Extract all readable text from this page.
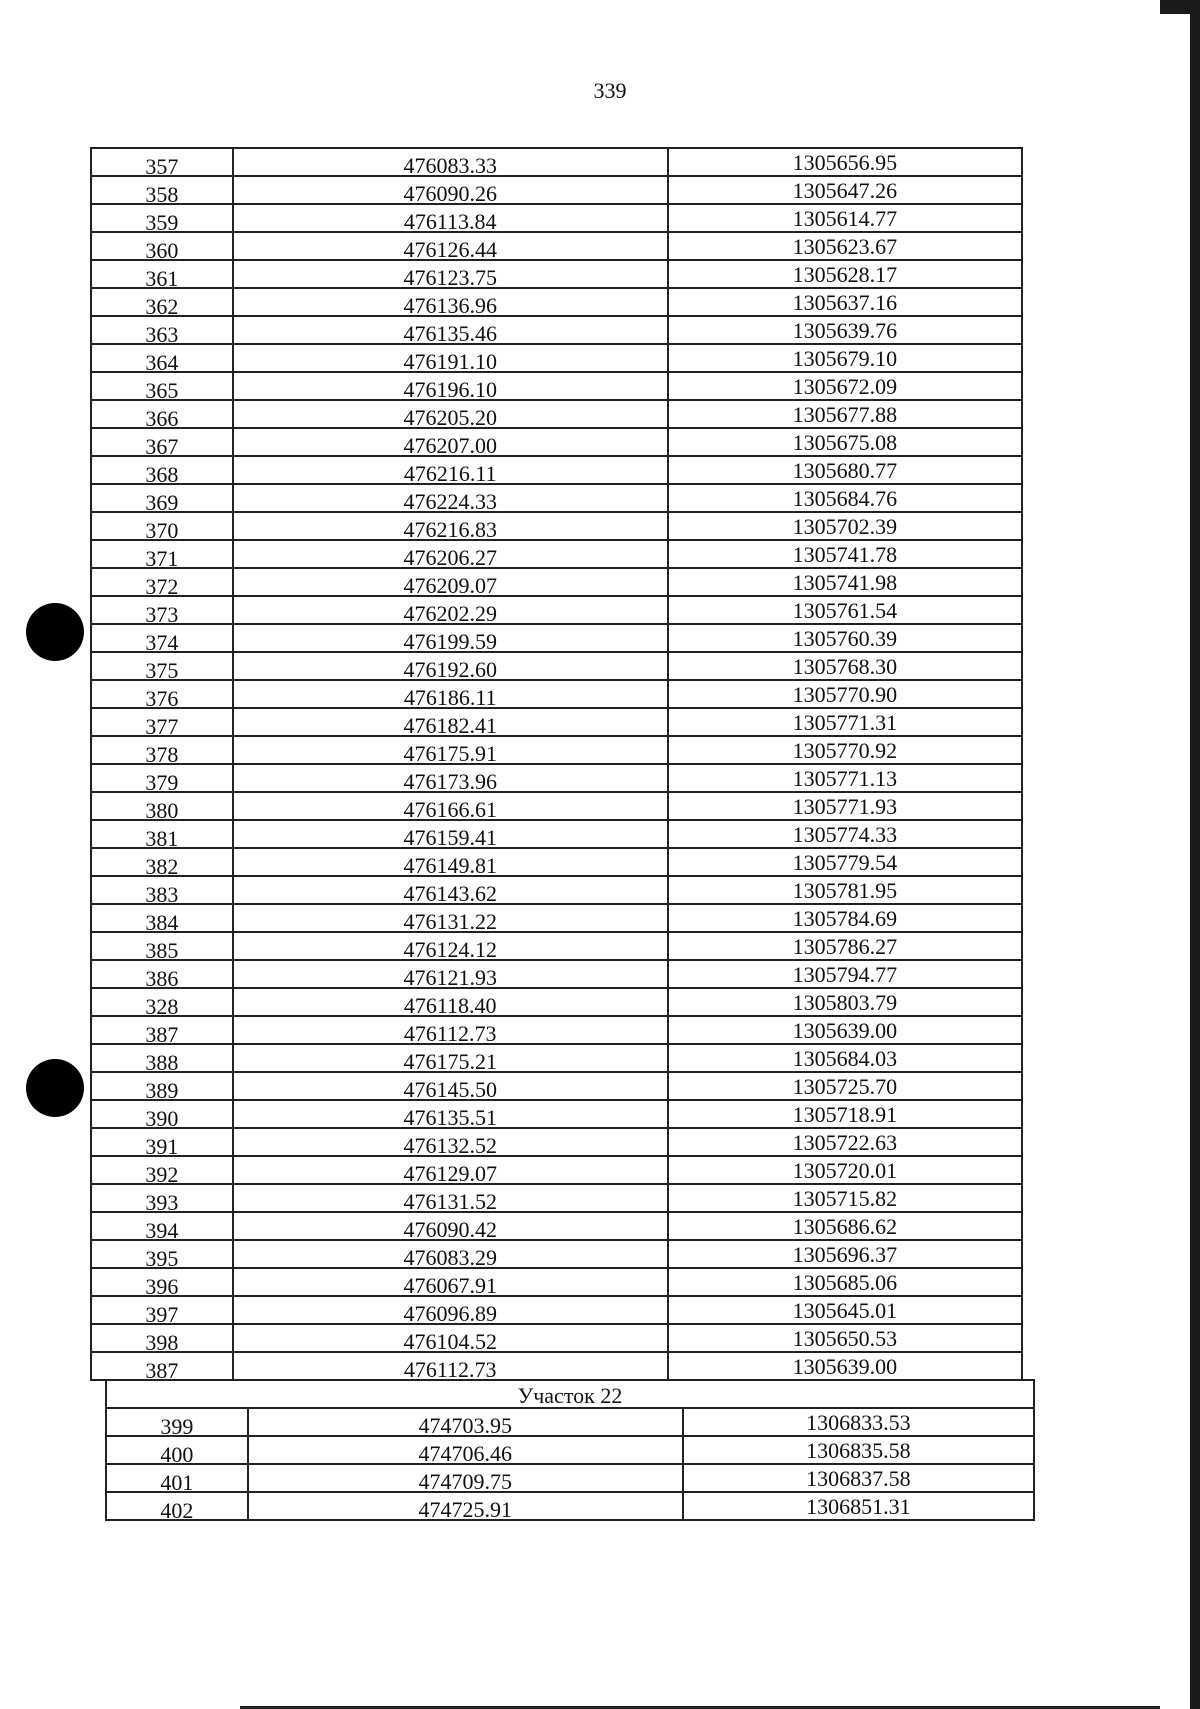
339
357	476083.33	1305656.95
358	476090.26	1305647.26
359	476113.84	1305614.77
360	476126.44	1305623.67
361	476123.75	1305628.17
362	476136.96	1305637.16
363	476135.46	1305639.76
364	476191.10	1305679.10
365	476196.10	1305672.09
366	476205.20	1305677.88
367	476207.00	1305675.08
368	476216.11	1305680.77
369	476224.33	1305684.76
370	476216.83	1305702.39
371	476206.27	1305741.78
372	476209.07	1305741.98
373	476202.29	1305761.54
374	476199.59	1305760.39
375	476192.60	1305768.30
376	476186.11	1305770.90
377	476182.41	1305771.31
378	476175.91	1305770.92
379	476173.96	1305771.13
380	476166.61	1305771.93
381	476159.41	1305774.33
382	476149.81	1305779.54
383	476143.62	1305781.95
384	476131.22	1305784.69
385	476124.12	1305786.27
386	476121.93	1305794.77
328	476118.40	1305803.79
387	476112.73	1305639.00
388	476175.21	1305684.03
389	476145.50	1305725.70
390	476135.51	1305718.91
391	476132.52	1305722.63
392	476129.07	1305720.01
393	476131.52	1305715.82
394	476090.42	1305686.62
395	476083.29	1305696.37
396	476067.91	1305685.06
397	476096.89	1305645.01
398	476104.52	1305650.53
387	476112.73	1305639.00
Участок 22		
399	474703.95	1306833.53
400	474706.46	1306835.58
401	474709.75	1306837.58
402	474725.91	1306851.31
